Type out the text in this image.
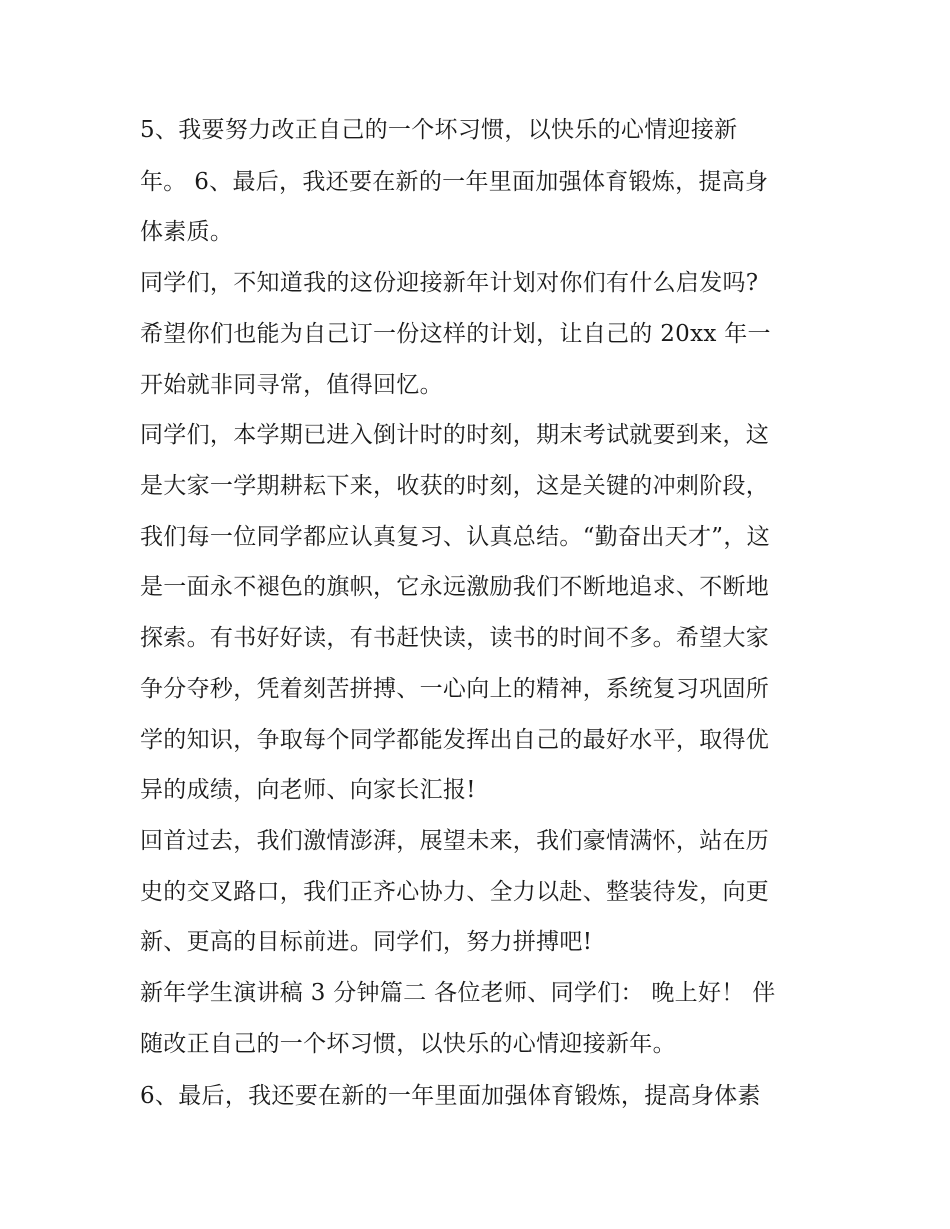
5、我要努力改正自己的一个坏习惯，以快乐的心情迎接新
年。 6、最后，我还要在新的一年里面加强体育锻炼，提高身
体素质。
同学们，不知道我的这份迎接新年计划对你们有什么启发吗?
希望你们也能为自己订一份这样的计划，让自己的 20xx 年一
开始就非同寻常，值得回忆。
同学们，本学期已进入倒计时的时刻，期末考试就要到来，这
是大家一学期耕耘下来，收获的时刻，这是关键的冲刺阶段，
我们每一位同学都应认真复习、认真总结。“勤奋出天才”，这
是一面永不褪色的旗帜，它永远激励我们不断地追求、不断地
探索。有书好好读，有书赶快读，读书的时间不多。希望大家
争分夺秒，凭着刻苦拼搏、一心向上的精神，系统复习巩固所
学的知识，争取每个同学都能发挥出自己的最好水平，取得优
异的成绩，向老师、向家长汇报!
回首过去，我们激情澎湃，展望未来，我们豪情满怀，站在历
史的交叉路口，我们正齐心协力、全力以赴、整装待发，向更
新、更高的目标前进。同学们，努力拼搏吧!
新年学生演讲稿 3 分钟篇二 各位老师、同学们： 晚上好！ 伴
随改正自己的一个坏习惯，以快乐的心情迎接新年。
6、最后，我还要在新的一年里面加强体育锻炼，提高身体素
